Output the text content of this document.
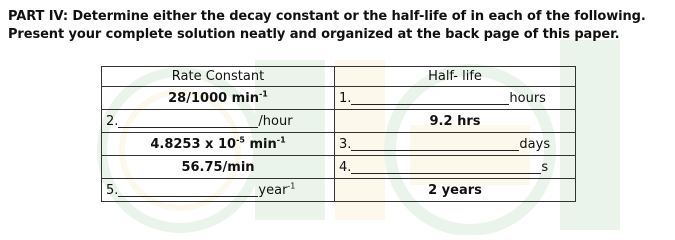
PART IV: Determine either the decay constant or the half-life of in each of the following.
Present your complete solution neatly and organized at the back page of this paper.
Rate Constant	Half- life
28/1000 $\min^{-1}$	1. hours

2. /hour	9.2 hrs
4.8253 x $10^{-5}$ $\min^{-1}$	3. days

56.75/min	4. s

5. year$^{-1}$	2 years
